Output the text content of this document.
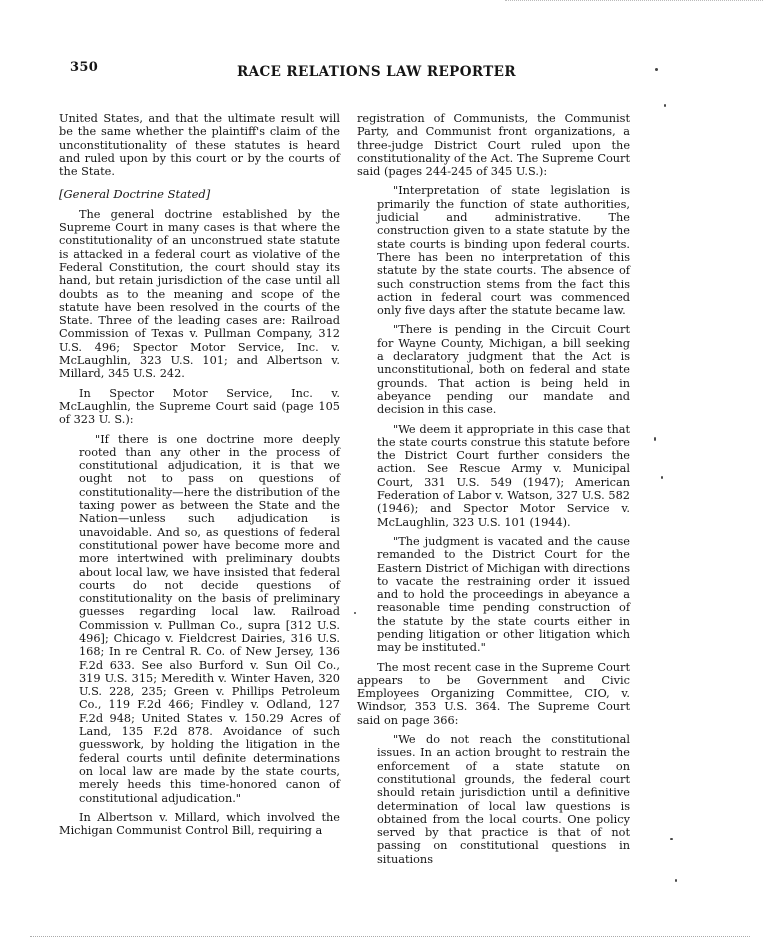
350	RACE RELATIONS LAW REPORTER

United States, and that the ultimate result will be the same whether the plaintiff's claim of the unconstitutionality of these statutes is heard and ruled upon by this court or by the courts of the State.

[General Doctrine Stated]

The general doctrine established by the Supreme Court in many cases is that where the constitutionality of an unconstrued state statute is attacked in a federal court as violative of the Federal Constitution, the court should stay its hand, but retain jurisdiction of the case until all doubts as to the meaning and scope of the statute have been resolved in the courts of the State. Three of the leading cases are: Railroad Commission of Texas v. Pullman Company, 312 U.S. 496; Spector Motor Service, Inc. v. McLaughlin, 323 U.S. 101; and Albertson v. Millard, 345 U.S. 242.

In Spector Motor Service, Inc. v. McLaughlin, the Supreme Court said (page 105 of 323 U. S.):

"If there is one doctrine more deeply rooted than any other in the process of constitutional adjudication, it is that we ought not to pass on questions of constitutionality—here the distribution of the taxing power as between the State and the Nation—unless such adjudication is unavoidable. And so, as questions of federal constitutional power have become more and more intertwined with preliminary doubts about local law, we have insisted that federal courts do not decide questions of constitutionality on the basis of preliminary guesses regarding local law. Railroad Commission v. Pullman Co., supra [312 U.S. 496]; Chicago v. Fieldcrest Dairies, 316 U.S. 168; In re Central R. Co. of New Jersey, 136 F.2d 633. See also Burford v. Sun Oil Co., 319 U.S. 315; Meredith v. Winter Haven, 320 U.S. 228, 235; Green v. Phillips Petroleum Co., 119 F.2d 466; Findley v. Odland, 127 F.2d 948; United States v. 150.29 Acres of Land, 135 F.2d 878. Avoidance of such guesswork, by holding the litigation in the federal courts until definite determinations on local law are made by the state courts, merely heeds this time-honored canon of constitutional adjudication."

In Albertson v. Millard, which involved the Michigan Communist Control Bill, requiring a

registration of Communists, the Communist Party, and Communist front organizations, a three-judge District Court ruled upon the constitutionality of the Act. The Supreme Court said (pages 244-245 of 345 U.S.):

"Interpretation of state legislation is primarily the function of state authorities, judicial and administrative. The construction given to a state statute by the state courts is binding upon federal courts. There has been no interpretation of this statute by the state courts. The absence of such construction stems from the fact this action in federal court was commenced only five days after the statute became law.

"There is pending in the Circuit Court for Wayne County, Michigan, a bill seeking a declaratory judgment that the Act is unconstitutional, both on federal and state grounds. That action is being held in abeyance pending our mandate and decision in this case.

"We deem it appropriate in this case that the state courts construe this statute before the District Court further considers the action. See Rescue Army v. Municipal Court, 331 U.S. 549 (1947); American Federation of Labor v. Watson, 327 U.S. 582 (1946); and Spector Motor Service v. McLaughlin, 323 U.S. 101 (1944).

"The judgment is vacated and the cause remanded to the District Court for the Eastern District of Michigan with directions to vacate the restraining order it issued and to hold the proceedings in abeyance a reasonable time pending construction of the statute by the state courts either in pending litigation or other litigation which may be instituted."

The most recent case in the Supreme Court appears to be Government and Civic Employees Organizing Committee, CIO, v. Windsor, 353 U.S. 364. The Supreme Court said on page 366:

"We do not reach the constitutional issues. In an action brought to restrain the enforcement of a state statute on constitutional grounds, the federal court should retain jurisdiction until a definitive determination of local law questions is obtained from the local courts. One policy served by that practice is that of not passing on constitutional questions in situations
